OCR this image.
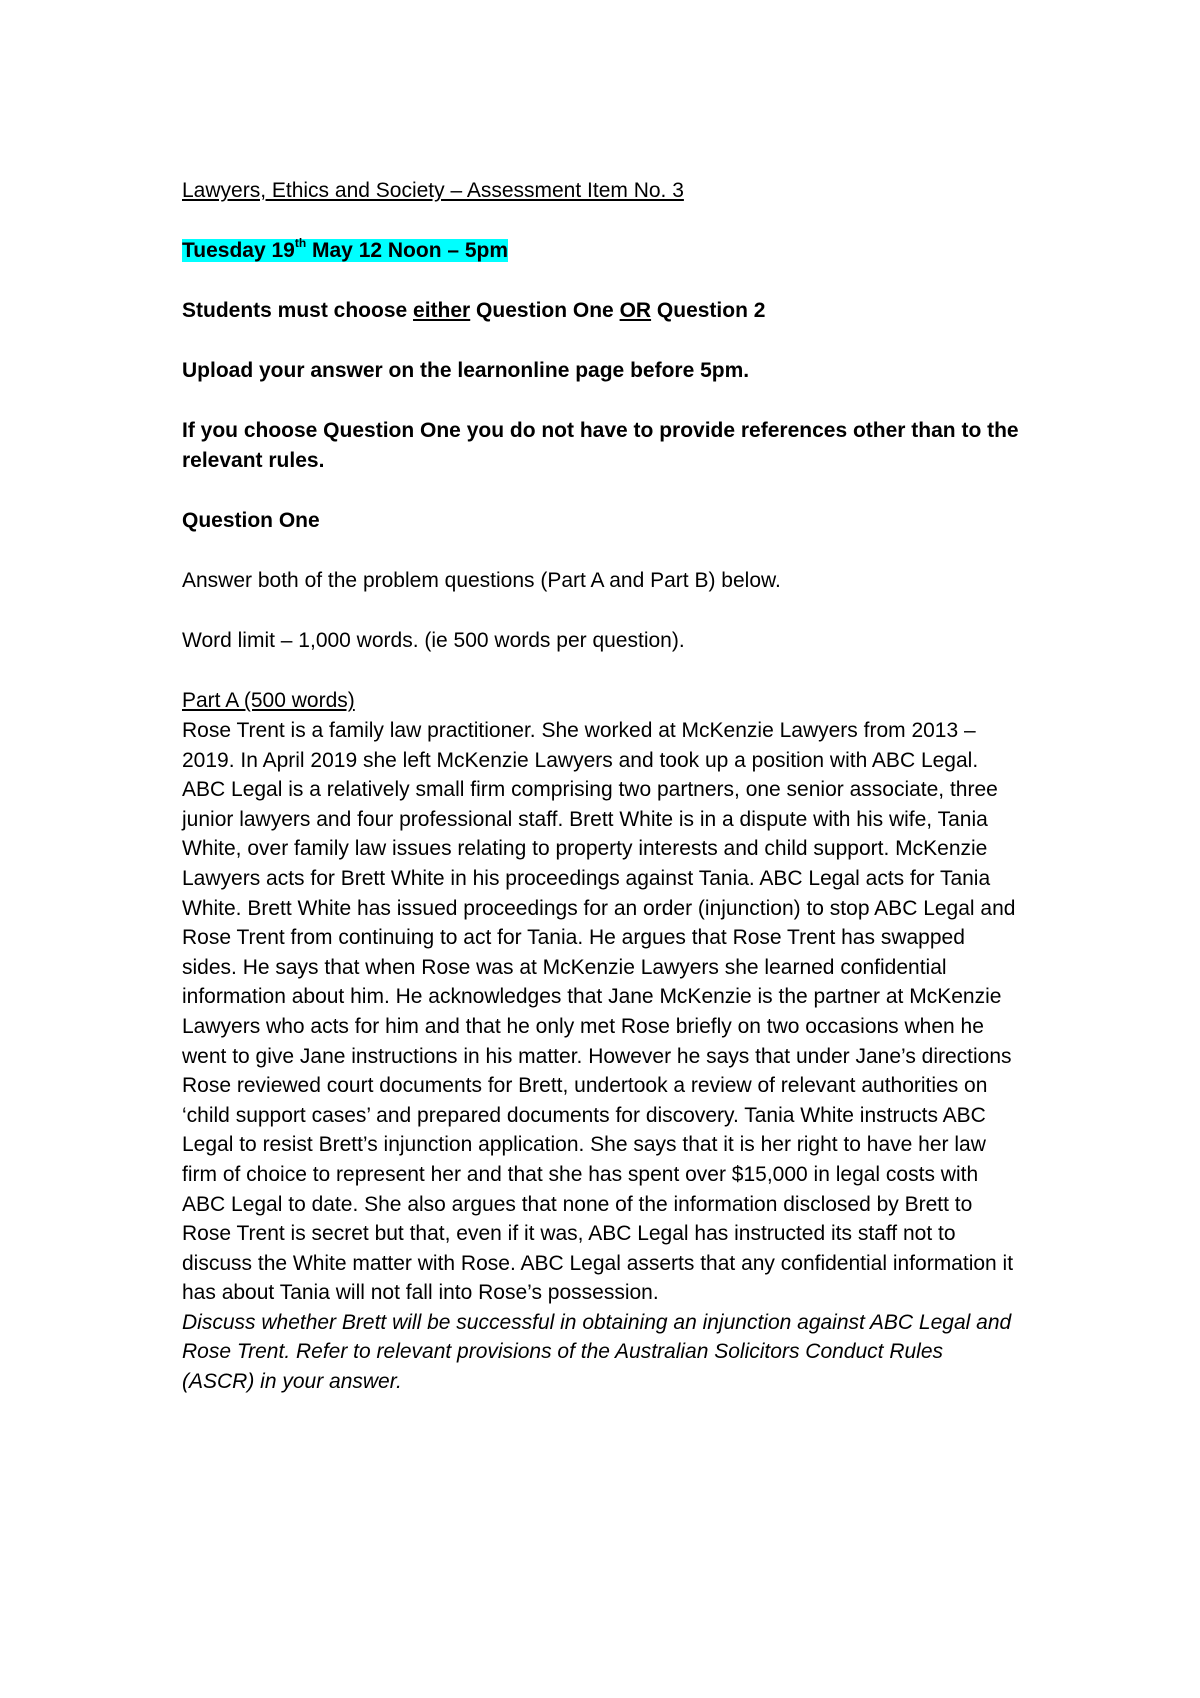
Lawyers, Ethics and Society – Assessment Item No. 3

Tuesday 19th May 12 Noon – 5pm

Students must choose either Question One OR Question 2

Upload your answer on the learnonline page before 5pm.

If you choose Question One you do not have to provide references other than to the relevant rules.

Question One

Answer both of the problem questions (Part A and Part B) below.

Word limit – 1,000 words. (ie 500 words per question).

Part A (500 words)

Rose Trent is a family law practitioner. She worked at McKenzie Lawyers from 2013 – 2019. In April 2019 she left McKenzie Lawyers and took up a position with ABC Legal. ABC Legal is a relatively small firm comprising two partners, one senior associate, three junior lawyers and four professional staff. Brett White is in a dispute with his wife, Tania White, over family law issues relating to property interests and child support. McKenzie Lawyers acts for Brett White in his proceedings against Tania. ABC Legal acts for Tania White. Brett White has issued proceedings for an order (injunction) to stop ABC Legal and Rose Trent from continuing to act for Tania. He argues that Rose Trent has swapped sides. He says that when Rose was at McKenzie Lawyers she learned confidential information about him. He acknowledges that Jane McKenzie is the partner at McKenzie Lawyers who acts for him and that he only met Rose briefly on two occasions when he went to give Jane instructions in his matter. However he says that under Jane’s directions Rose reviewed court documents for Brett, undertook a review of relevant authorities on ‘child support cases’ and prepared documents for discovery. Tania White instructs ABC Legal to resist Brett’s injunction application. She says that it is her right to have her law firm of choice to represent her and that she has spent over $15,000 in legal costs with ABC Legal to date. She also argues that none of the information disclosed by Brett to Rose Trent is secret but that, even if it was, ABC Legal has instructed its staff not to discuss the White matter with Rose. ABC Legal asserts that any confidential information it has about Tania will not fall into Rose’s possession.

Discuss whether Brett will be successful in obtaining an injunction against ABC Legal and Rose Trent. Refer to relevant provisions of the Australian Solicitors Conduct Rules (ASCR) in your answer.
